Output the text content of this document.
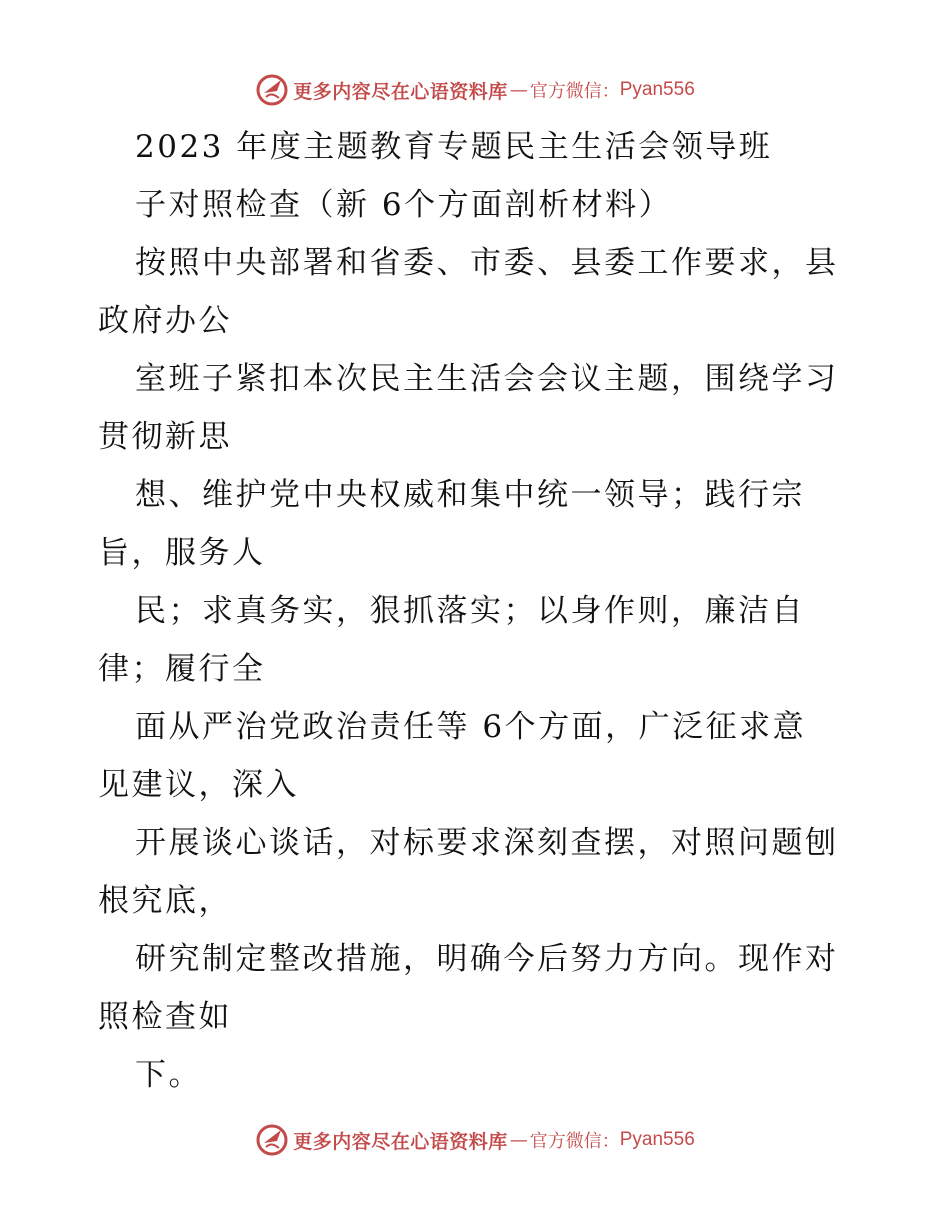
更多内容尽在心语资料库 — 官方微信： Pyan556
2023 年度主题教育专题民主生活会领导班
子对照检查（新 6个方面剖析材料）
按照中央部署和省委、市委、县委工作要求，县
政府办公
室班子紧扣本次民主生活会会议主题，围绕学习
贯彻新思
想、维护党中央权威和集中统一领导；践行宗
旨，服务人
民；求真务实，狠抓落实；以身作则，廉洁自
律；履行全
面从严治党政治责任等 6个方面，广泛征求意
见建议，深入
开展谈心谈话，对标要求深刻查摆，对照问题刨
根究底，
研究制定整改措施，明确今后努力方向。现作对
照检查如
下。
更多内容尽在心语资料库 — 官方微信： Pyan556
